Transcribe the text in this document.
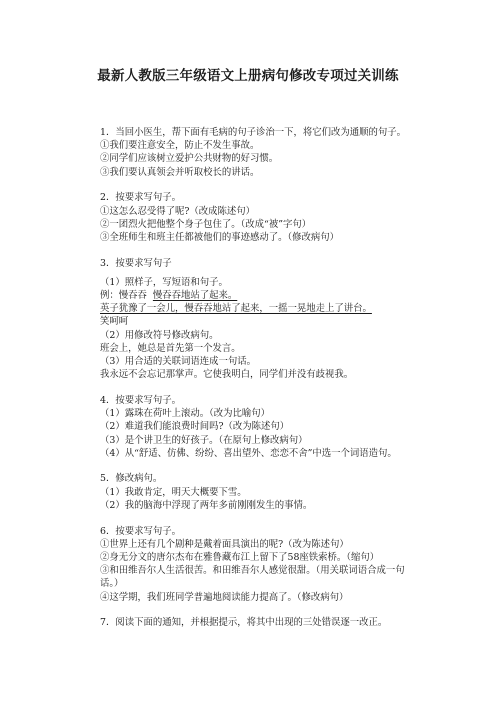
最新人教版三年级语文上册病句修改专项过关训练
1．当回小医生，帮下面有毛病的句子诊治一下，将它们改为通顺的句子。
①我们要注意安全，防止不发生事故。
②同学们应该树立爱护公共财物的好习惯。
③我们要认真领会并听取校长的讲话。
2．按要求写句子。
①这怎么忍受得了呢?（改成陈述句）
②一团烈火把他整个身子包住了。（改成“被”字句）
③全班师生和班主任都被他们的事迹感动了。（修改病句）
3．按要求写句子
（1）照样子，写短语和句子。
例：慢吞吞 慢吞吞地站了起来。
英子犹豫了一会儿，慢吞吞地站了起来，一摇一晃地走上了讲台。
笑呵呵
（2）用修改符号修改病句。
班会上，她总是首先第一个发言。
（3）用合适的关联词语连成一句话。
我永远不会忘记那掌声。它使我明白，同学们并没有歧视我。
4．按要求写句子。
（1）露珠在荷叶上滚动。（改为比喻句）
（2）难道我们能浪费时间吗?（改为陈述句）
（3）是个讲卫生的好孩子。（在原句上修改病句）
（4）从“舒适、仿佛、纷纷、喜出望外、恋恋不舍”中选一个词语造句。
5．修改病句。
（1）我敢肯定，明天大概要下雪。
（2）我的脑海中浮现了两年多前刚刚发生的事情。
6．按要求写句子。
①世界上还有几个剧种是戴着面具演出的呢?（改为陈述句）
②身无分文的唐尔杰布在雅鲁藏布江上留下了58座铁索桥。（缩句）
③和田维吾尔人生活很苦。和田维吾尔人感觉很甜。（用关联词语合成一句
话。）
④这学期，我们班同学普遍地阅读能力提高了。（修改病句）
7．阅读下面的通知，并根据提示，将其中出现的三处错误逐一改正。
